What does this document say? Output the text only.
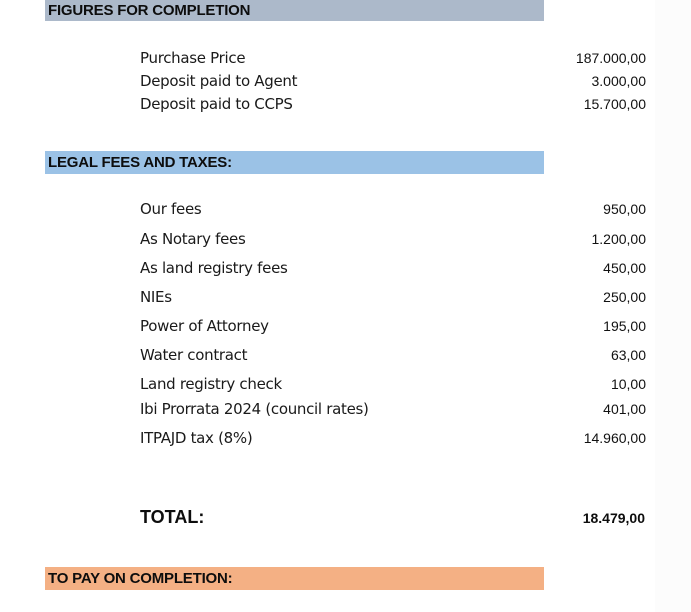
FIGURES FOR COMPLETION
Purchase Price	187.000,00
Deposit paid to Agent	3.000,00
Deposit paid to CCPS	15.700,00
LEGAL FEES AND TAXES:
Our fees	950,00
As Notary fees	1.200,00
As land registry fees	450,00
NIEs	250,00
Power of Attorney	195,00
Water contract	63,00
Land registry check	10,00
Ibi Prorrata 2024 (council rates)	401,00
ITPAJD tax (8%)	14.960,00
TOTAL:	18.479,00
TO PAY ON COMPLETION:
